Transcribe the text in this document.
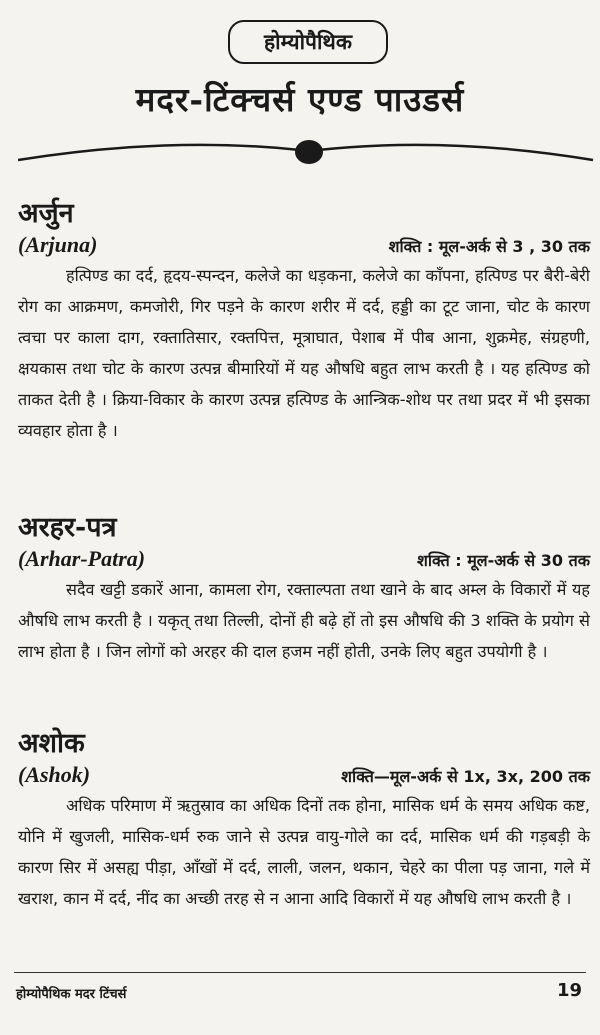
होम्योपैथिक
मदर-टिंक्चर्स एण्ड पाउडर्स
अर्जुन
(Arjuna)	शक्ति : मूल-अर्क से 3 , 30 तक

हत्पिण्ड का दर्द, हृदय-स्पन्दन, कलेजे का धड़कना, कलेजे का काँपना, हत्पिण्ड पर बैरी-बेरी रोग का आक्रमण, कमजोरी, गिर पड़ने के कारण शरीर में दर्द, हड्डी का टूट जाना, चोट के कारण त्वचा पर काला दाग, रक्तातिसार, रक्तपित्त, मूत्राघात, पेशाब में पीब आना, शुक्रमेह, संग्रहणी, क्षयकास तथा चोट के कारण उत्पन्न बीमारियों में यह औषधि बहुत लाभ करती है । यह हत्पिण्ड को ताकत देती है । क्रिया-विकार के कारण उत्पन्न हत्पिण्ड के आन्त्रिक-शोथ पर तथा प्रदर में भी इसका व्यवहार होता है ।

अरहर-पत्र
(Arhar-Patra)	शक्ति : मूल-अर्क से 30 तक

सदैव खट्टी डकारें आना, कामला रोग, रक्ताल्पता तथा खाने के बाद अम्ल के विकारों में यह औषधि लाभ करती है । यकृत् तथा तिल्ली, दोनों ही बढ़े हों तो इस औषधि की 3 शक्ति के प्रयोग से लाभ होता है । जिन लोगों को अरहर की दाल हजम नहीं होती, उनके लिए बहुत उपयोगी है ।

अशोक
(Ashok)	शक्ति—मूल-अर्क से 1x, 3x, 200 तक

अधिक परिमाण में ऋतुस्राव का अधिक दिनों तक होना, मासिक धर्म के समय अधिक कष्ट, योनि में खुजली, मासिक-धर्म रुक जाने से उत्पन्न वायु-गोले का दर्द, मासिक धर्म की गड़बड़ी के कारण सिर में असह्य पीड़ा, आँखों में दर्द, लाली, जलन, थकान, चेहरे का पीला पड़ जाना, गले में खराश, कान में दर्द, नींद का अच्छी तरह से न आना आदि विकारों में यह औषधि लाभ करती है ।

होम्योपैथिक मदर टिंचर्स	19
